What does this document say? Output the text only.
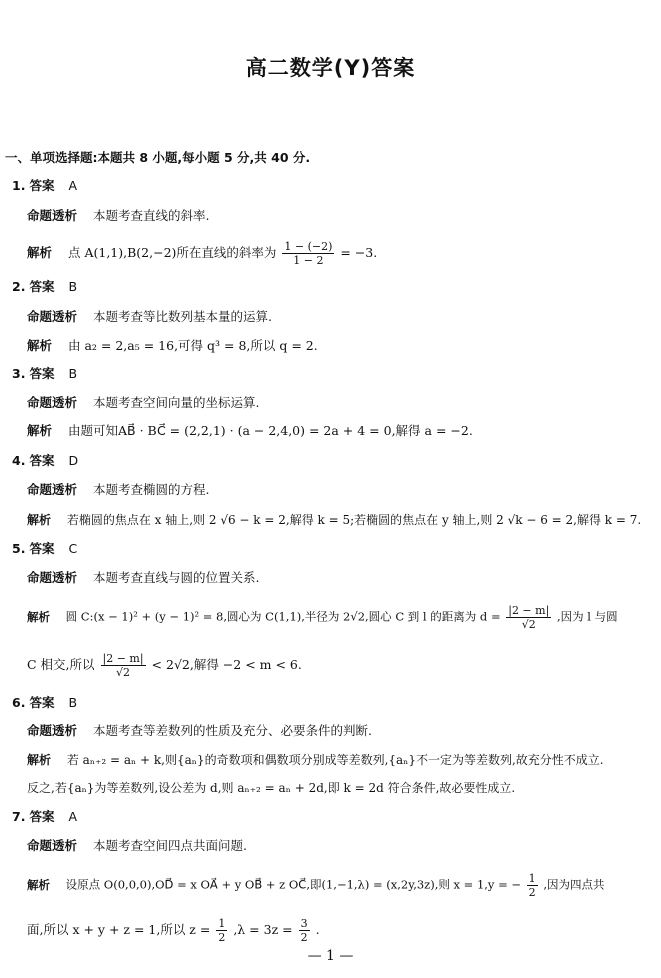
高二数学(Y)答案
一、单项选择题:本题共 8 小题,每小题 5 分,共 40 分.
1. 答案 A
命题透析 本题考查直线的斜率.
解析 点 A(1,1),B(2,−2)所在直线的斜率为 $\frac{1 - (-2)}{1 - 2} = -3$.
2. 答案 B
命题透析 本题考查等比数列基本量的运算.
解析 由 a₂ = 2,a₅ = 16,可得 q³ = 8,所以 q = 2.
3. 答案 B
命题透析 本题考查空间向量的坐标运算.
解析 由题可知AB⃗ · BC⃗ = (2,2,1) · (a − 2,4,0) = 2a + 4 = 0,解得 a = −2.
4. 答案 D
命题透析 本题考查椭圆的方程.
解析 若椭圆的焦点在 x 轴上,则 2 √6 − k = 2,解得 k = 5;若椭圆的焦点在 y 轴上,则 2 √k − 6 = 2,解得 k = 7.
5. 答案 C
命题透析 本题考查直线与圆的位置关系.
解析 圆 C:(x − 1)² + (y − 1)² = 8,圆心为 C(1,1),半径为 2√2,圆心 C 到 l 的距离为 $d = \frac{|2 - m|}{√2}$ ,因为 l 与圆
C 相交,所以 $\frac{|2 - m|}{√2} < 2√2$,解得 −2 < m < 6.
6. 答案 B
命题透析 本题考查等差数列的性质及充分、必要条件的判断.
解析 若 aₙ₊₂ = aₙ + k,则{aₙ}的奇数项和偶数项分别成等差数列,{aₙ}不一定为等差数列,故充分性不成立.
反之,若{aₙ}为等差数列,设公差为 d,则 aₙ₊₂ = aₙ + 2d,即 k = 2d 符合条件,故必要性成立.
7. 答案 A
命题透析 本题考查空间四点共面问题.
解析 设原点 O(0,0,0),OD⃗ = x OA⃗ + y OB⃗ + z OC⃗,即(1,−1,λ) = (x,2y,3z),则 x = 1,y = − $\frac{1}{2}$ ,因为四点共
面,所以 x + y + z = 1,所以 $z = \frac{1}{2} ,\lambda = 3z = \frac{3}{2}$ .
— 1 —
